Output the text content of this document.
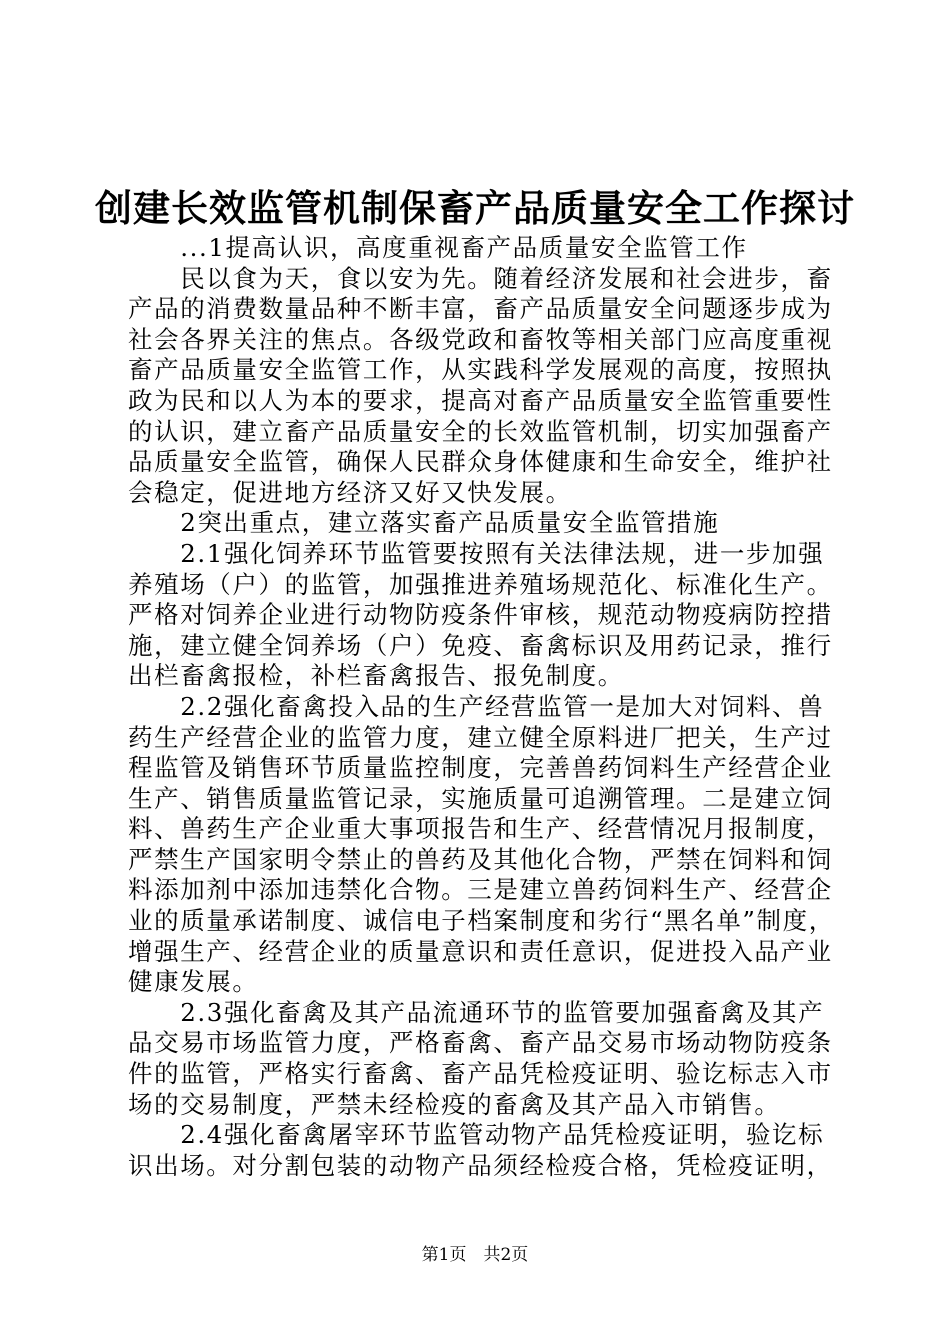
创建长效监管机制保畜产品质量安全工作探讨
　　...1提高认识，高度重视畜产品质量安全监管工作
　　民以食为天，食以安为先。随着经济发展和社会进步，畜
产品的消费数量品种不断丰富，畜产品质量安全问题逐步成为
社会各界关注的焦点。各级党政和畜牧等相关部门应高度重视
畜产品质量安全监管工作，从实践科学发展观的高度，按照执
政为民和以人为本的要求，提高对畜产品质量安全监管重要性
的认识，建立畜产品质量安全的长效监管机制，切实加强畜产
品质量安全监管，确保人民群众身体健康和生命安全，维护社
会稳定，促进地方经济又好又快发展。
　　2突出重点，建立落实畜产品质量安全监管措施
　　2.1强化饲养环节监管要按照有关法律法规，进一步加强
养殖场（户）的监管，加强推进养殖场规范化、标准化生产。
严格对饲养企业进行动物防疫条件审核，规范动物疫病防控措
施，建立健全饲养场（户）免疫、畜禽标识及用药记录，推行
出栏畜禽报检，补栏畜禽报告、报免制度。
　　2.2强化畜禽投入品的生产经营监管一是加大对饲料、兽
药生产经营企业的监管力度，建立健全原料进厂把关，生产过
程监管及销售环节质量监控制度，完善兽药饲料生产经营企业
生产、销售质量监管记录，实施质量可追溯管理。二是建立饲
料、兽药生产企业重大事项报告和生产、经营情况月报制度，
严禁生产国家明令禁止的兽药及其他化合物，严禁在饲料和饲
料添加剂中添加违禁化合物。三是建立兽药饲料生产、经营企
业的质量承诺制度、诚信电子档案制度和劣行“黑名单”制度，
增强生产、经营企业的质量意识和责任意识，促进投入品产业
健康发展。
　　2.3强化畜禽及其产品流通环节的监管要加强畜禽及其产
品交易市场监管力度，严格畜禽、畜产品交易市场动物防疫条
件的监管，严格实行畜禽、畜产品凭检疫证明、验讫标志入市
场的交易制度，严禁未经检疫的畜禽及其产品入市销售。
　　2.4强化畜禽屠宰环节监管动物产品凭检疫证明，验讫标
识出场。对分割包装的动物产品须经检疫合格，凭检疫证明，
第1页　共2页
